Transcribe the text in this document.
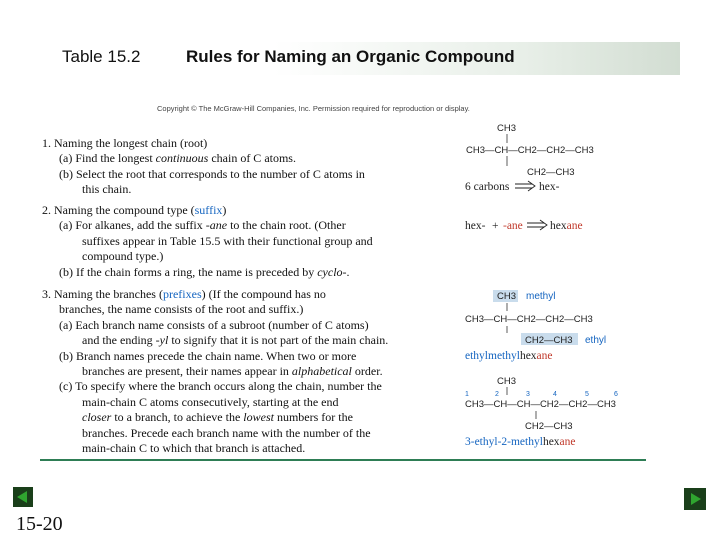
Table 15.2	Rules for Naming an Organic Compound
Copyright © The McGraw-Hill Companies, Inc. Permission required for reproduction or display.
1. Naming the longest chain (root)
(a) Find the longest continuous chain of C atoms.
(b) Select the root that corresponds to the number of C atoms in
this chain.
2. Naming the compound type (suffix)
(a) For alkanes, add the suffix -ane to the chain root. (Other
suffixes appear in Table 15.5 with their functional group and
compound type.)
(b) If the chain forms a ring, the name is preceded by cyclo-.
3. Naming the branches (prefixes) (If the compound has no
branches, the name consists of the root and suffix.)
(a) Each branch name consists of a subroot (number of C atoms)
and the ending -yl to signify that it is not part of the main chain.
(b) Branch names precede the chain name. When two or more
branches are present, their names appear in alphabetical order.
(c) To specify where the branch occurs along the chain, number the
main-chain C atoms consecutively, starting at the end
closer to a branch, to achieve the lowest numbers for the
branches. Precede each branch name with the number of the
main-chain C to which that branch is attached.
CH3
CH3—CH—CH2—CH2—CH3
CH2—CH3
6 carbons	hex-
hex- + -ane hexane
CH3 methyl
CH3—CH—CH2—CH2—CH3
CH2—CH3 ethyl
ethylmethylhexane
CH3
1	2	3	4	5	6
CH3—CH—CH—CH2—CH2—CH3
CH2—CH3
3-ethyl-2-methylhexane
15-20
